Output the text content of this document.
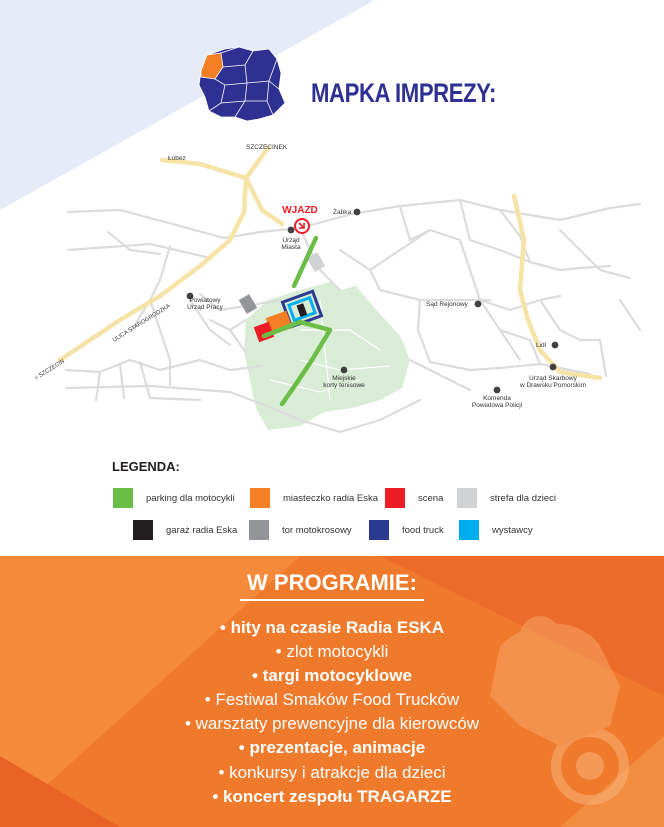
MAPKA IMPREZY:
WJAZD
Łobez
SZCZECINEK
Żabka
Urząd
Miasta
Powiatowy
Urząd Pracy	Sąd Rejonowy
Miejskie
korty tenisowe
Lidl
Urząd Skarbowy
w Drawsku Pomorskim
Komenda
Powiatowa Policji
ULICA STAROGRODZKA
< SZCZECIN
LEGENDA:
parking dla motocykli	miasteczko radia Eska	scena	strefa dla dzieci
garaż radia Eska	tor motokrosowy	food truck	wystawcy
W PROGRAMIE:
• hity na czasie Radia ESKA
• zlot motocykli
• targi motocyklowe
• Festiwal Smaków Food Trucków
• warsztaty prewencyjne dla kierowców
• prezentacje, animacje
• konkursy i atrakcje dla dzieci
• koncert zespołu TRAGARZE
